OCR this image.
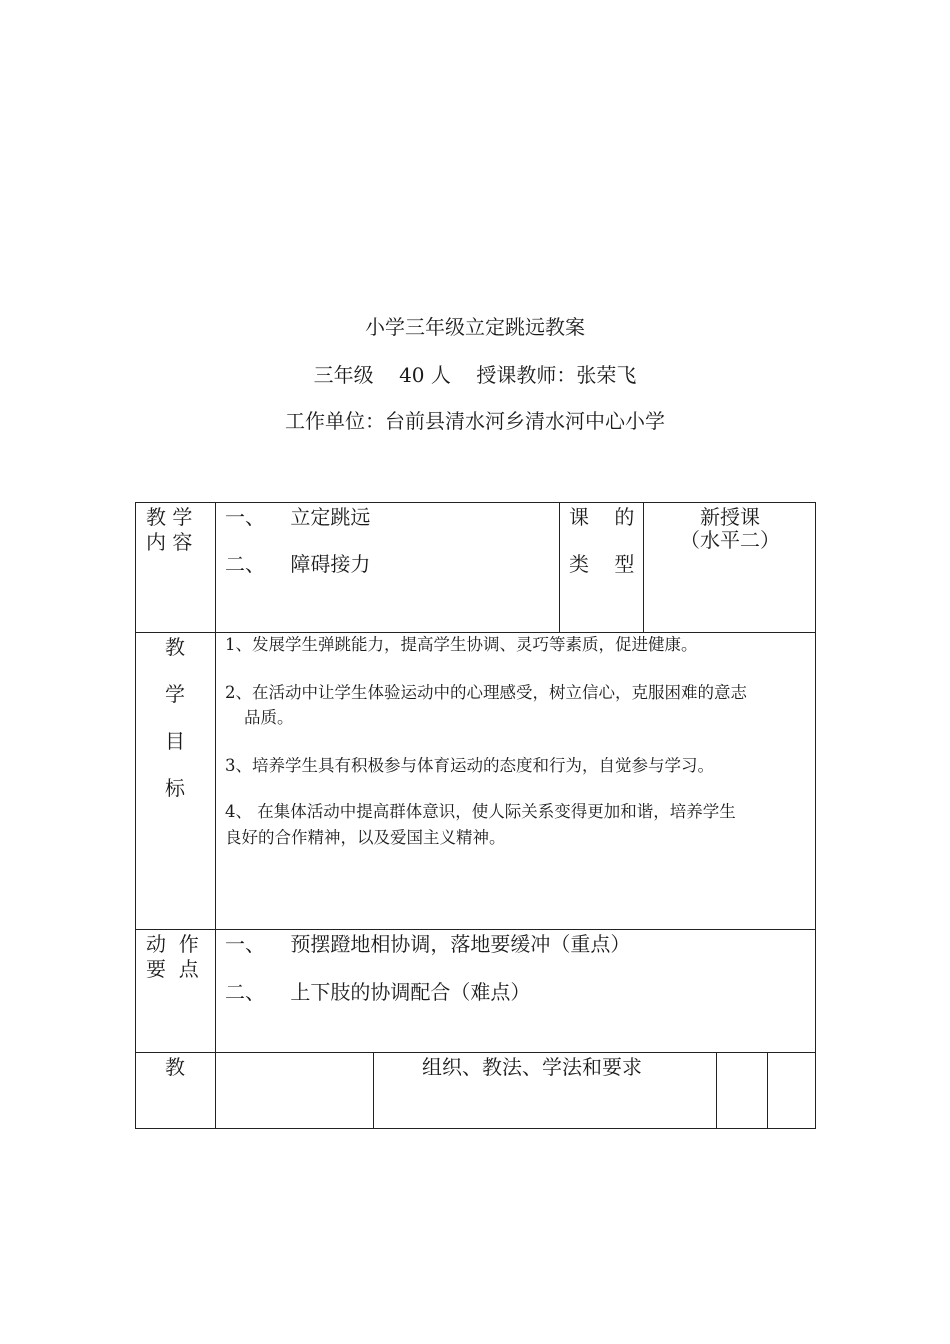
小学三年级立定跳远教案
三年级    40 人    授课教师：张荣飞
工作单位：台前县清水河乡清水河中心小学
教 学
内 容
一、    立定跳远
二、    障碍接力
课    的
类    型
新授课
（水平二）
教
学
目
标
1、发展学生弹跳能力，提高学生协调、灵巧等素质，促进健康。
2、在活动中让学生体验运动中的心理感受，树立信心，克服困难的意志
品质。
3、培养学生具有积极参与体育运动的态度和行为，自觉参与学习。
4、 在集体活动中提高群体意识，使人际关系变得更加和谐，培养学生
良好的合作精神，以及爱国主义精神。
动  作
要  点
一、    预摆蹬地相协调，落地要缓冲（重点）
二、    上下肢的协调配合（难点）
教	组织、教法、学法和要求
